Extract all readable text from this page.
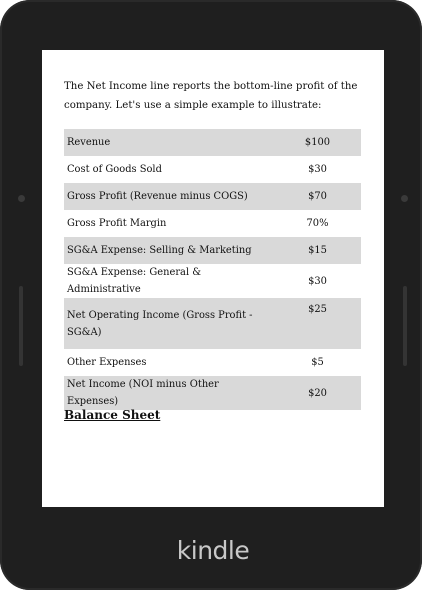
The Net Income line reports the bottom-line profit of the company. Let's use a simple example to illustrate:

Revenue	$100
Cost of Goods Sold	$30
Gross Profit (Revenue minus COGS)	$70
Gross Profit Margin	70%
SG&A Expense: Selling & Marketing	$15
SG&A Expense: General & Administrative	$30
Net Operating Income (Gross Profit - SG&A)	$25
Other Expenses	$5
Net Income (NOI minus Other Expenses)	$20
Balance Sheet
kindle
